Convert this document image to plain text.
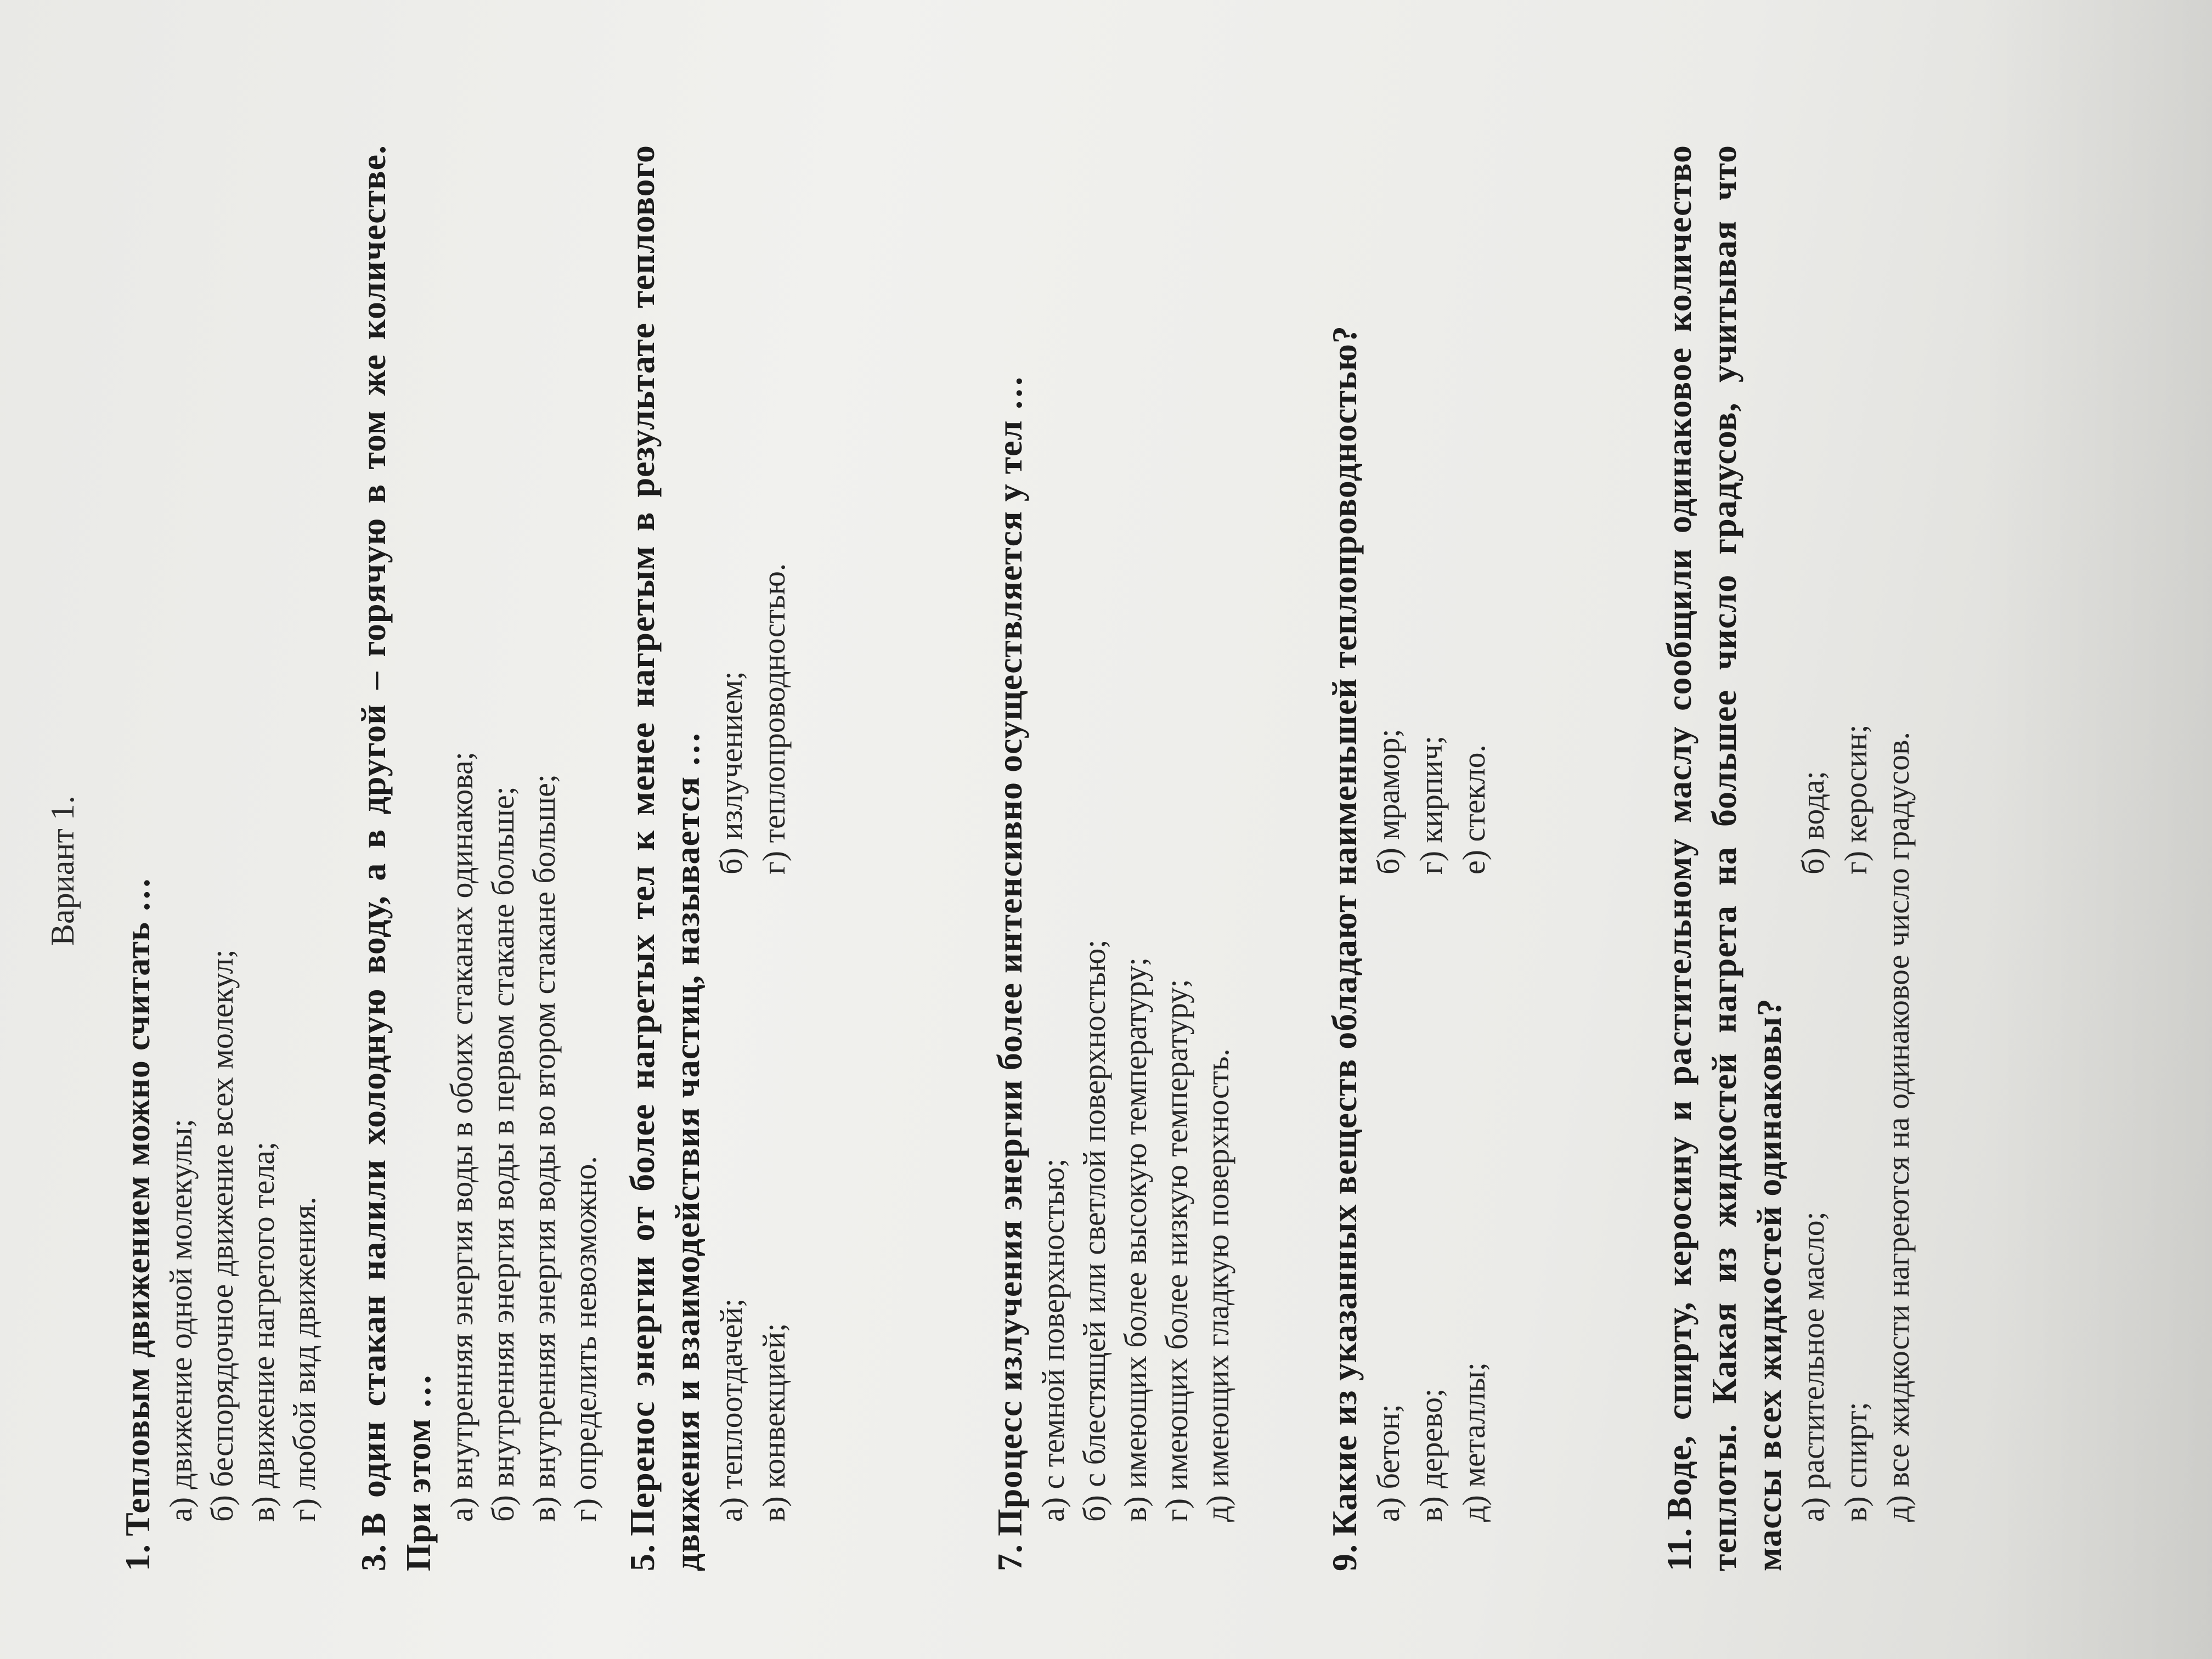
Вариант 1.
1.Тепловым движением можно считать … а) движение одной молекулы; б) беспорядочное движение всех молекул; в) движение нагретого тела; г) любой вид движения.
3.В один стакан налили холодную воду, а в другой – горячую в том же количестве. При этом … а) внутренняя энергия воды в обоих стаканах одинакова; б) внутренняя энергия воды в первом стакане больше; в) внутренняя энергия воды во втором стакане больше; г) определить невозможно.
5.Перенос энергии от более нагретых тел к менее нагретым в результате теплового движения и взаимодействия частиц, называется … а) теплоотдачей;
б) излучением;
в) конвекцией;
г) теплопроводностью.
7.Процесс излучения энергии более интенсивно осуществляется у тел … а) с темной поверхностью; б) с блестящей или светлой поверхностью; в) имеющих более высокую температуру; г) имеющих более низкую температуру; д) имеющих гладкую поверхность.
9.Какие из указанных веществ обладают наименьшей теплопроводностью? а) бетон;
б) мрамор;
в) дерево;
г) кирпич;
д) металлы;
е) стекло.
11.Воде, спирту, керосину и растительному маслу сообщили одинаковое количество теплоты. Какая из жидкостей нагрета на большее число градусов, учитывая что массы всех жидкостей одинаковы? а) растительное масло;
б) вода;
в) спирт;
г) керосин; д) все жидкости нагреются на одинаковое число градусов.
